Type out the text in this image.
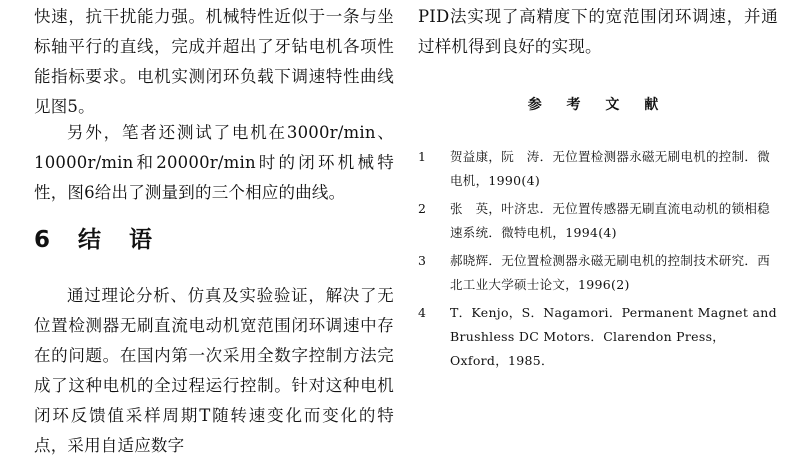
快速，抗干扰能力强。机械特性近似于一条与坐标轴平行的直线，完成并超出了牙钻电机各项性能指标要求。电机实测闭环负载下调速特性曲线见图5。

另外，笔者还测试了电机在3000r/min、10000r/min和20000r/min时的闭环机械特性，图6给出了测量到的三个相应的曲线。

6 结 语

通过理论分析、仿真及实验验证，解决了无位置检测器无刷直流电动机宽范围闭环调速中存在的问题。在国内第一次采用全数字控制方法完成了这种电机的全过程运行控制。针对这种电机闭环反馈值采样周期T随转速变化而变化的特点，采用自适应数字

PID法实现了高精度下的宽范围闭环调速，并通过样机得到良好的实现。

参 考 文 献
1 贺益康，阮　涛．无位置检测器永磁无刷电机的控制．微电机，1990(4)
2 张　英，叶济忠．无位置传感器无刷直流电动机的锁相稳速系统．微特电机，1994(4)
3 郝晓辉．无位置检测器永磁无刷电机的控制技术研究．西北工业大学硕士论文，1996(2)
4 T．Kenjo，S．Nagamori．Permanent Magnet and Brushless DC Motors．Clarendon Press，Oxford，1985．
